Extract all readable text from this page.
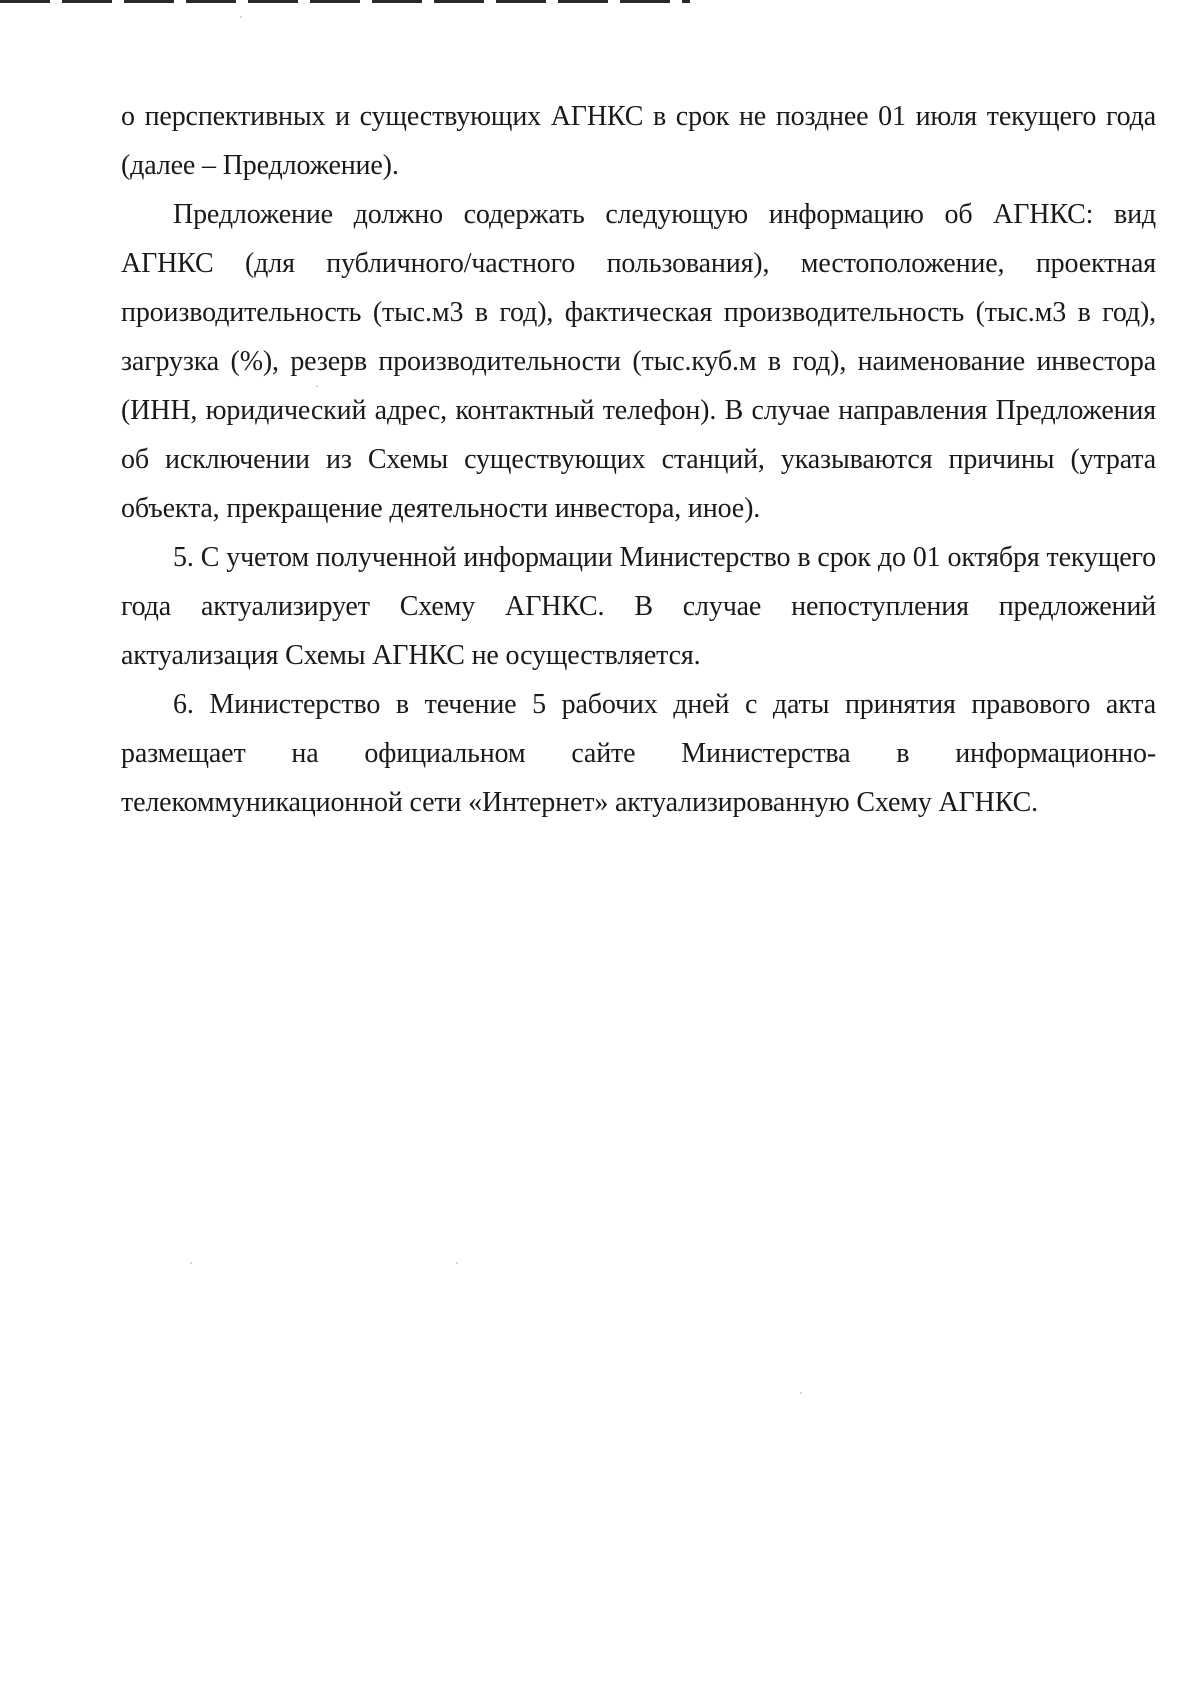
о перспективных и существующих АГНКС в срок не позднее 01 июля текущего года (далее – Предложение).

Предложение должно содержать следующую информацию об АГНКС: вид АГНКС (для публичного/частного пользования), местоположение, проектная производительность (тыс.м3 в год), фактическая производительность (тыс.м3 в год), загрузка (%), резерв производительности (тыс.куб.м в год), наименование инвестора (ИНН, юридический адрес, контактный телефон). В случае направления Предложения об исключении из Схемы существующих станций, указываются причины (утрата объекта, прекращение деятельности инвестора, иное).

5. С учетом полученной информации Министерство в срок до 01 октября текущего года актуализирует Схему АГНКС. В случае непоступления предложений актуализация Схемы АГНКС не осуществляется.

6. Министерство в течение 5 рабочих дней с даты принятия правового акта размещает на официальном сайте Министерства в информационно-телекоммуникационной сети «Интернет» актуализированную Схему АГНКС.
